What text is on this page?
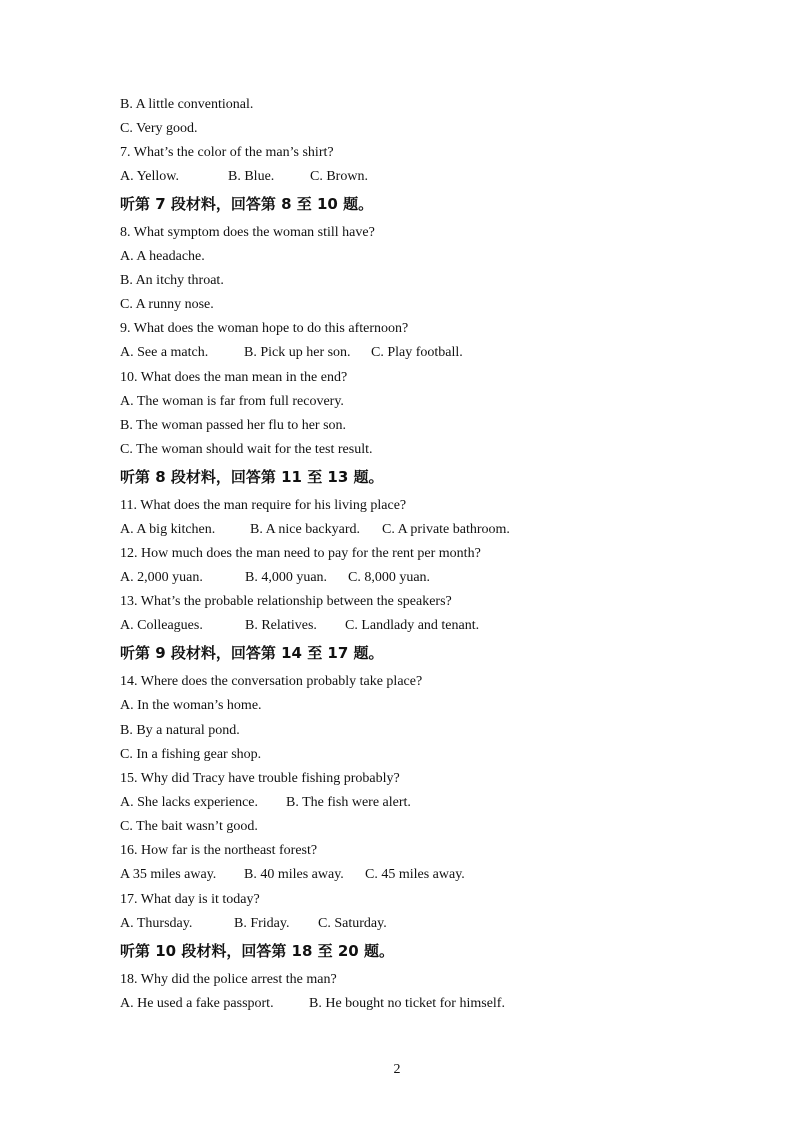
B. A little conventional.
C. Very good.
7. What’s the color of the man’s shirt?
A. Yellow.	B. Blue.	C. Brown.
听第 7 段材料，回答第 8 至 10 题。
8. What symptom does the woman still have?
A. A headache.
B. An itchy throat.
C. A runny nose.
9. What does the woman hope to do this afternoon?
A. See a match.	B. Pick up her son. C. Play football.
10. What does the man mean in the end?
A. The woman is far from full recovery.
B. The woman passed her flu to her son.
C. The woman should wait for the test result.
听第 8 段材料，回答第 11 至 13 题。
11. What does the man require for his living place?
A. A big kitchen. B. A nice backyard. C. A private bathroom.
12. How much does the man need to pay for the rent per month?
A. 2,000 yuan.	B. 4,000 yuan. C. 8,000 yuan.
13. What’s the probable relationship between the speakers?
A. Colleagues.	B. Relatives. C. Landlady and tenant.
听第 9 段材料，回答第 14 至 17 题。
14. Where does the conversation probably take place?
A. In the woman’s home.
B. By a natural pond.
C. In a fishing gear shop.
15. Why did Tracy have trouble fishing probably?
A. She lacks experience. B. The fish were alert.
C. The bait wasn’t good.
16. How far is the northeast forest?
A 35 miles away. B. 40 miles away. C. 45 miles away.
17. What day is it today?
A. Thursday.	B. Friday. C. Saturday.
听第 10 段材料，回答第 18 至 20 题。
18. Why did the police arrest the man?
A. He used a fake passport.	B. He bought no ticket for himself.
2
